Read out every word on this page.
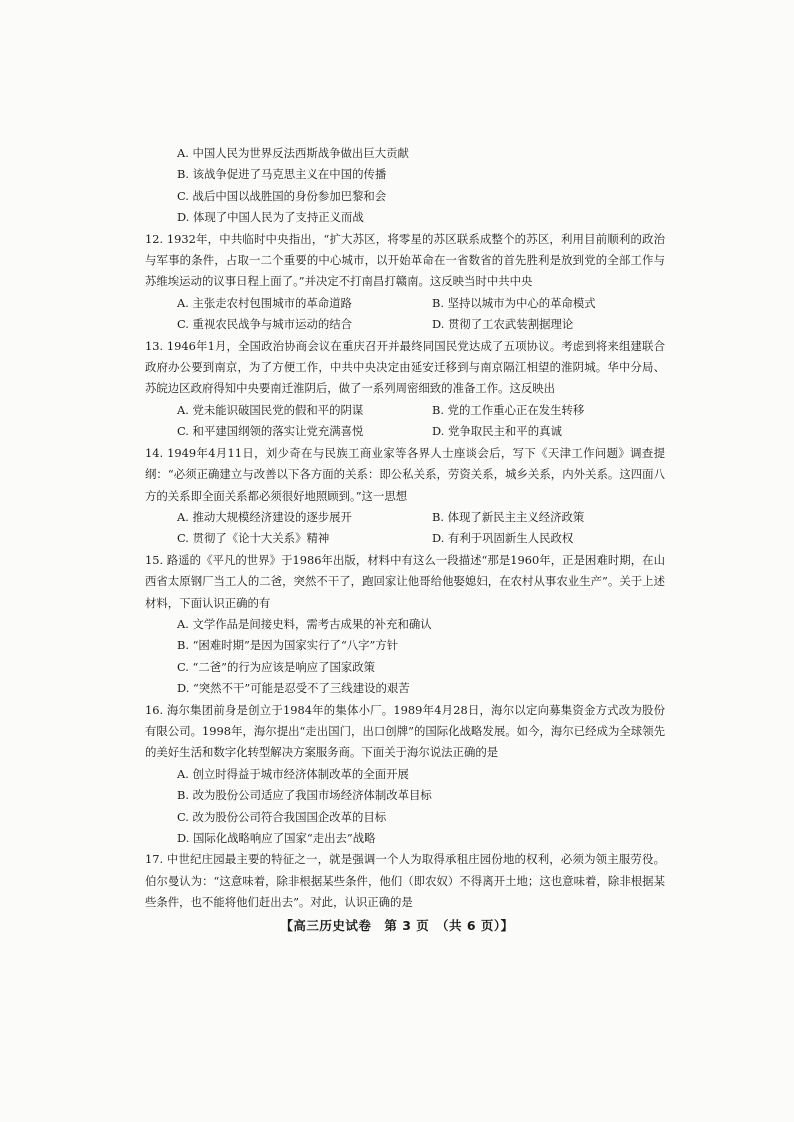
A. 中国人民为世界反法西斯战争做出巨大贡献
B. 该战争促进了马克思主义在中国的传播
C. 战后中国以战胜国的身份参加巴黎和会
D. 体现了中国人民为了支持正义而战
12. 1932年，中共临时中央指出，“扩大苏区，将零星的苏区联系成整个的苏区，利用目前顺利的政治与军事的条件，占取一二个重要的中心城市，以开始革命在一省数省的首先胜利是放到党的全部工作与苏维埃运动的议事日程上面了。”并决定不打南昌打赣南。这反映当时中共中央
A. 主张走农村包围城市的革命道路	B. 坚持以城市为中心的革命模式
C. 重视农民战争与城市运动的结合	D. 贯彻了工农武装割据理论
13. 1946年1月，全国政治协商会议在重庆召开并最终同国民党达成了五项协议。考虑到将来组建联合政府办公要到南京，为了方便工作，中共中央决定由延安迁移到与南京隔江相望的淮阴城。华中分局、苏皖边区政府得知中央要南迁淮阴后，做了一系列周密细致的准备工作。这反映出
A. 党未能识破国民党的假和平的阴谋	B. 党的工作重心正在发生转移
C. 和平建国纲领的落实让党充满喜悦	D. 党争取民主和平的真诚
14. 1949年4月11日，刘少奇在与民族工商业家等各界人士座谈会后，写下《天津工作问题》调查提纲：“必须正确建立与改善以下各方面的关系：即公私关系，劳资关系，城乡关系，内外关系。这四面八方的关系即全面关系都必须很好地照顾到。”这一思想
A. 推动大规模经济建设的逐步展开	B. 体现了新民主主义经济政策
C. 贯彻了《论十大关系》精神	D. 有利于巩固新生人民政权
15. 路遥的《平凡的世界》于1986年出版，材料中有这么一段描述“那是1960年，正是困难时期，在山西省太原钢厂当工人的二爸，突然不干了，跑回家让他哥给他娶媳妇，在农村从事农业生产”。关于上述材料，下面认识正确的有
A. 文学作品是间接史料，需考古成果的补充和确认
B. “困难时期”是因为国家实行了“八字”方针
C. “二爸”的行为应该是响应了国家政策
D. “突然不干”可能是忍受不了三线建设的艰苦
16. 海尔集团前身是创立于1984年的集体小厂。1989年4月28日，海尔以定向募集资金方式改为股份有限公司。1998年，海尔提出“走出国门，出口创牌”的国际化战略发展。如今，海尔已经成为全球领先的美好生活和数字化转型解决方案服务商。下面关于海尔说法正确的是
A. 创立时得益于城市经济体制改革的全面开展
B. 改为股份公司适应了我国市场经济体制改革目标
C. 改为股份公司符合我国国企改革的目标
D. 国际化战略响应了国家“走出去”战略
17. 中世纪庄园最主要的特征之一，就是强调一个人为取得承租庄园份地的权利，必须为领主服劳役。伯尔曼认为：“这意味着，除非根据某些条件，他们（即农奴）不得离开土地；这也意味着，除非根据某些条件，也不能将他们赶出去”。对此，认识正确的是
【高三历史试卷　第 3 页　（共 6 页）】
